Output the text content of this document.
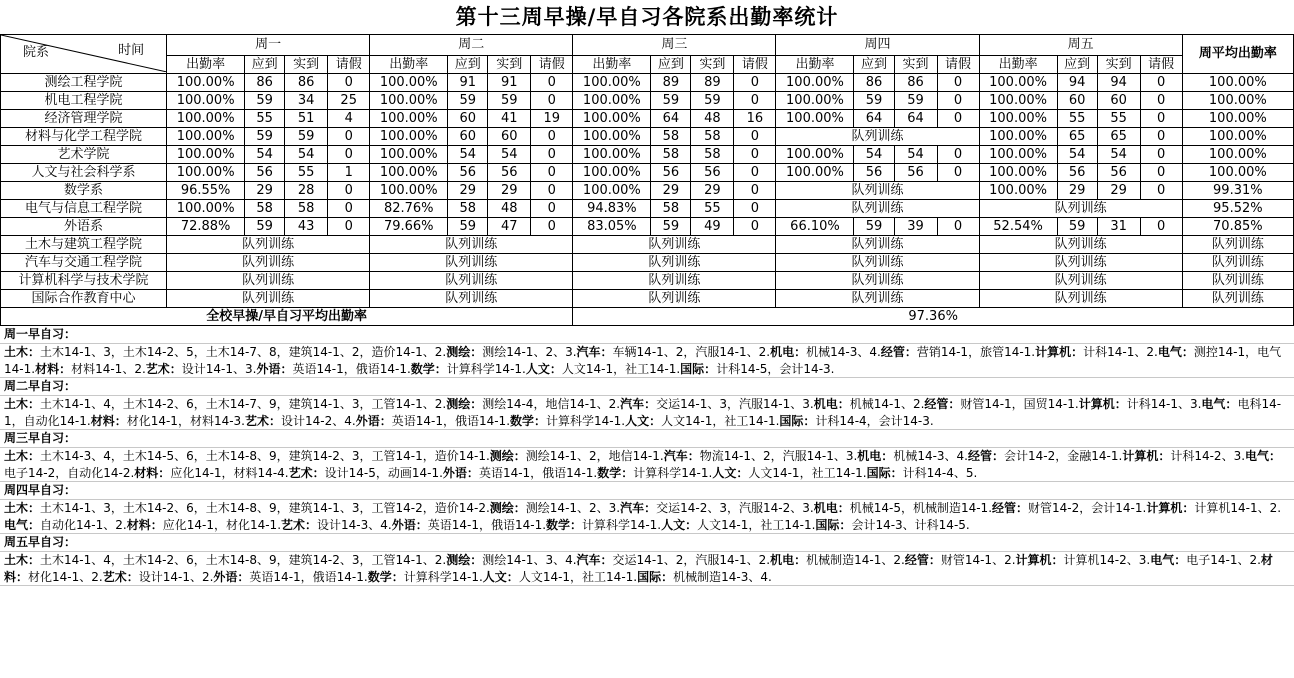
第十三周早操/早自习各院系出勤率统计
院系 时间	周一				周二				周三				周四				周五				周平均出勤率
	出勤率	应到	实到	请假	出勤率	应到	实到	请假	出勤率	应到	实到	请假	出勤率	应到	实到	请假	出勤率	应到	实到	请假	
测绘工程学院	100.00%	86	86	0	100.00%	91	91	0	100.00%	89	89	0	100.00%	86	86	0	100.00%	94	94	0	100.00%
机电工程学院	100.00%	59	34	25	100.00%	59	59	0	100.00%	59	59	0	100.00%	59	59	0	100.00%	60	60	0	100.00%
经济管理学院	100.00%	55	51	4	100.00%	60	41	19	100.00%	64	48	16	100.00%	64	64	0	100.00%	55	55	0	100.00%
材料与化学工程学院	100.00%	59	59	0	100.00%	60	60	0	100.00%	58	58	0	队列训练				100.00%	65	65	0	100.00%
艺术学院	100.00%	54	54	0	100.00%	54	54	0	100.00%	58	58	0	100.00%	54	54	0	100.00%	54	54	0	100.00%
人文与社会科学系	100.00%	56	55	1	100.00%	56	56	0	100.00%	56	56	0	100.00%	56	56	0	100.00%	56	56	0	100.00%
数学系	96.55%	29	28	0	100.00%	29	29	0	100.00%	29	29	0	队列训练				100.00%	29	29	0	99.31%
电气与信息工程学院	100.00%	58	58	0	82.76%	58	48	0	94.83%	58	55	0	队列训练				队列训练				95.52%
外语系	72.88%	59	43	0	79.66%	59	47	0	83.05%	59	49	0	66.10%	59	39	0	52.54%	59	31	0	70.85%
土木与建筑工程学院	队列训练				队列训练				队列训练				队列训练				队列训练				队列训练
汽车与交通工程学院	队列训练				队列训练				队列训练				队列训练				队列训练				队列训练
计算机科学与技术学院	队列训练				队列训练				队列训练				队列训练				队列训练				队列训练
国际合作教育中心	队列训练				队列训练				队列训练				队列训练				队列训练				队列训练
全校早操/早自习平均出勤率									97.36%												
周一早自习：
土木：土木14-1、3，土木14-2、5，土木14-7、8，建筑14-1、2，造价14-1、2.测绘：测绘14-1、2、3.汽车：车辆14-1、2，汽服14-1、2.机电：机械14-3、4.经管：营销14-1，旅管14-1.计算机：计科14-1、2.电气：测控14-1，电气14-1.材料：材料14-1、2.艺术：设计14-1、3.外语：英语14-1，俄语14-1.数学：计算科学14-1.人文：人文14-1，社工14-1.国际：计科14-5，会计14-3.
周二早自习：
土木：土木14-1、4，土木14-2、6，土木14-7、9，建筑14-1、3，工管14-1、2.测绘：测绘14-4，地信14-1、2.汽车：交运14-1、3，汽服14-1、3.机电：机械14-1、2.经管：财管14-1，国贸14-1.计算机：计科14-1、3.电气：电科14-1，自动化14-1.材料：材化14-1，材料14-3.艺术：设计14-2、4.外语：英语14-1，俄语14-1.数学：计算科学14-1.人文：人文14-1，社工14-1.国际：计科14-4，会计14-3.
周三早自习：
土木：土木14-3、4，土木14-5、6，土木14-8、9，建筑14-2、3，工管14-1，造价14-1.测绘：测绘14-1、2，地信14-1.汽车：物流14-1、2，汽服14-1、3.机电：机械14-3、4.经管：会计14-2，金融14-1.计算机：计科14-2、3.电气：电子14-2，自动化14-2.材料：应化14-1，材料14-4.艺术：设计14-5，动画14-1.外语：英语14-1，俄语14-1.数学：计算科学14-1.人文：人文14-1，社工14-1.国际：计科14-4、5.
周四早自习：
土木：土木14-1、3，土木14-2、6，土木14-8、9，建筑14-1、3，工管14-2，造价14-2.测绘：测绘14-1、2、3.汽车：交运14-2、3，汽服14-2、3.机电：机械14-5，机械制造14-1.经管：财管14-2，会计14-1.计算机：计算机14-1、2.电气：自动化14-1、2.材料：应化14-1，材化14-1.艺术：设计14-3、4.外语：英语14-1，俄语14-1.数学：计算科学14-1.人文：人文14-1，社工14-1.国际：会计14-3、计科14-5.
周五早自习：
土木：土木14-1、4，土木14-2、6，土木14-8、9，建筑14-2、3，工管14-1、2.测绘：测绘14-1、3、4.汽车：交运14-1、2，汽服14-1、2.机电：机械制造14-1、2.经管：财管14-1、2.计算机：计算机14-2、3.电气：电子14-1、2.材料：材化14-1、2.艺术：设计14-1、2.外语：英语14-1，俄语14-1.数学：计算科学14-1.人文：人文14-1，社工14-1.国际：机械制造14-3、4.
